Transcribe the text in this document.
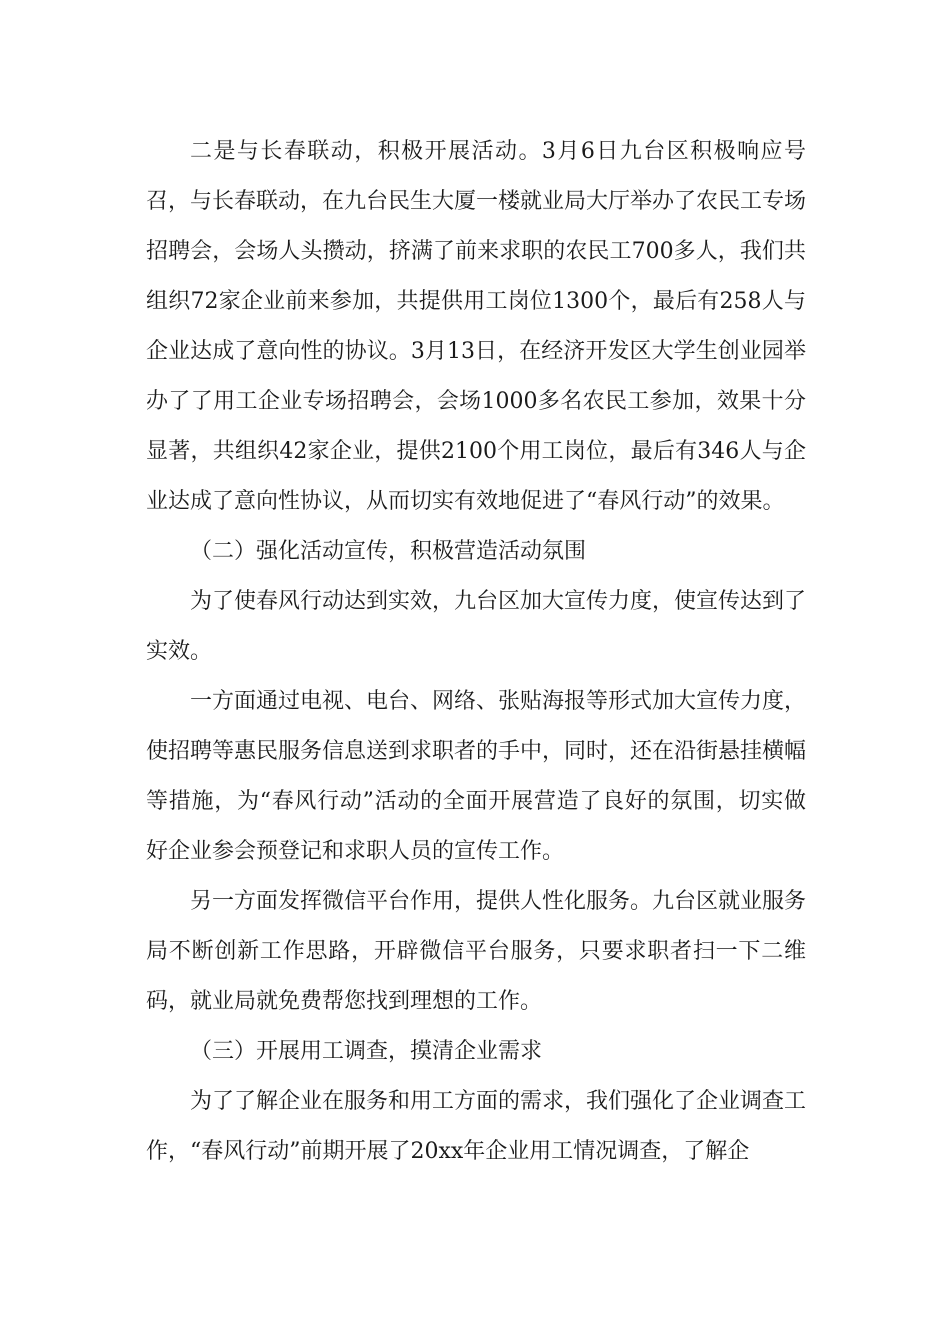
二是与长春联动，积极开展活动。3月6日九台区积极响应号召，与长春联动，在九台民生大厦一楼就业局大厅举办了农民工专场招聘会，会场人头攒动，挤满了前来求职的农民工700多人，我们共组织72家企业前来参加，共提供用工岗位1300个，最后有258人与企业达成了意向性的协议。3月13日，在经济开发区大学生创业园举办了了用工企业专场招聘会，会场1000多名农民工参加，效果十分显著，共组织42家企业，提供2100个用工岗位，最后有346人与企业达成了意向性协议，从而切实有效地促进了“春风行动”的效果。

（二）强化活动宣传，积极营造活动氛围

为了使春风行动达到实效，九台区加大宣传力度，使宣传达到了实效。

一方面通过电视、电台、网络、张贴海报等形式加大宣传力度，使招聘等惠民服务信息送到求职者的手中，同时，还在沿街悬挂横幅等措施，为“春风行动”活动的全面开展营造了良好的氛围，切实做好企业参会预登记和求职人员的宣传工作。

另一方面发挥微信平台作用，提供人性化服务。九台区就业服务局不断创新工作思路，开辟微信平台服务，只要求职者扫一下二维码，就业局就免费帮您找到理想的工作。

（三）开展用工调查，摸清企业需求

为了了解企业在服务和用工方面的需求，我们强化了企业调查工作，“春风行动”前期开展了20xx年企业用工情况调查，了解企
